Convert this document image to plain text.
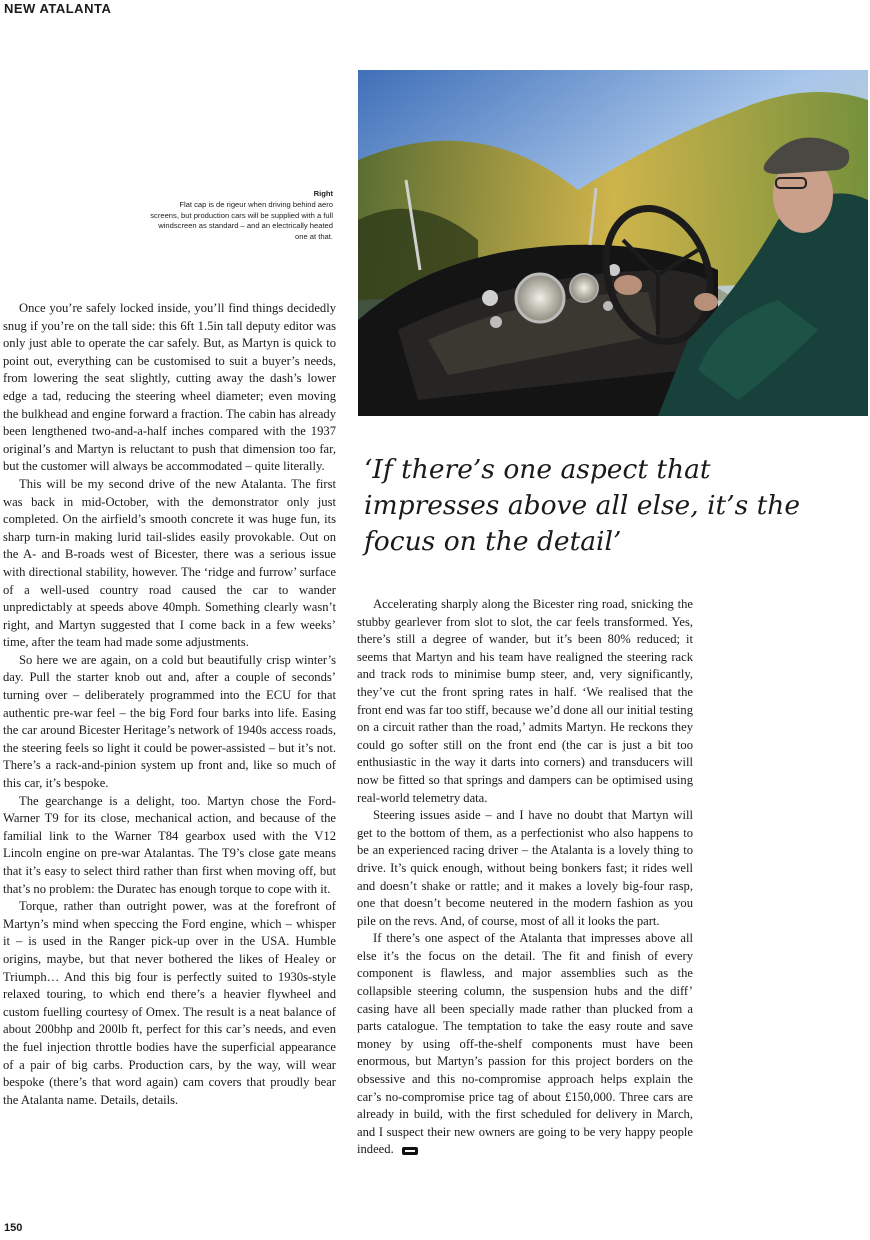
NEW ATALANTA
Right
Flat cap is de rigeur when driving behind aero screens, but production cars will be supplied with a full windscreen as standard – and an electrically heated one at that.
‘If there’s one aspect that impresses above all else, it’s the focus on the detail’

Once you’re safely locked inside, you’ll find things decidedly snug if you’re on the tall side: this 6ft 1.5in tall deputy editor was only just able to operate the car safely. But, as Martyn is quick to point out, everything can be customised to suit a buyer’s needs, from lowering the seat slightly, cutting away the dash’s lower edge a tad, reducing the steering wheel diameter; even moving the bulkhead and engine forward a fraction. The cabin has already been lengthened two-and-a-half inches compared with the 1937 original’s and Martyn is reluctant to push that dimension too far, but the customer will always be accommodated – quite literally.

This will be my second drive of the new Atalanta. The first was back in mid-October, with the demonstrator only just completed. On the airfield’s smooth concrete it was huge fun, its sharp turn-in making lurid tail-slides easily provokable. Out on the A- and B-roads west of Bicester, there was a serious issue with directional stability, however. The ‘ridge and furrow’ surface of a well-used country road caused the car to wander unpredictably at speeds above 40mph. Something clearly wasn’t right, and Martyn suggested that I come back in a few weeks’ time, after the team had made some adjustments.

So here we are again, on a cold but beautifully crisp winter’s day. Pull the starter knob out and, after a couple of seconds’ turning over – deliberately programmed into the ECU for that authentic pre-war feel – the big Ford four barks into life. Easing the car around Bicester Heritage’s network of 1940s access roads, the steering feels so light it could be power-assisted – but it’s not. There’s a rack-and-pinion system up front and, like so much of this car, it’s bespoke.

The gearchange is a delight, too. Martyn chose the Ford-Warner T9 for its close, mechanical action, and because of the familial link to the Warner T84 gearbox used with the V12 Lincoln engine on pre-war Atalantas. The T9’s close gate means that it’s easy to select third rather than first when moving off, but that’s no problem: the Duratec has enough torque to cope with it.

Torque, rather than outright power, was at the forefront of Martyn’s mind when speccing the Ford engine, which – whisper it – is used in the Ranger pick-up over in the USA. Humble origins, maybe, but that never bothered the likes of Healey or Triumph… And this big four is perfectly suited to 1930s-style relaxed touring, to which end there’s a heavier flywheel and custom fuelling courtesy of Omex. The result is a neat balance of about 200bhp and 200lb ft, perfect for this car’s needs, and even the fuel injection throttle bodies have the superficial appearance of a pair of big carbs. Production cars, by the way, will wear bespoke (there’s that word again) cam covers that proudly bear the Atalanta name. Details, details.

Accelerating sharply along the Bicester ring road, snicking the stubby gearlever from slot to slot, the car feels transformed. Yes, there’s still a degree of wander, but it’s been 80% reduced; it seems that Martyn and his team have realigned the steering rack and track rods to minimise bump steer, and, very significantly, they’ve cut the front spring rates in half. ‘We realised that the front end was far too stiff, because we’d done all our initial testing on a circuit rather than the road,’ admits Martyn. He reckons they could go softer still on the front end (the car is just a bit too enthusiastic in the way it darts into corners) and transducers will now be fitted so that springs and dampers can be optimised using real-world telemetry data.

Steering issues aside – and I have no doubt that Martyn will get to the bottom of them, as a perfectionist who also happens to be an experienced racing driver – the Atalanta is a lovely thing to drive. It’s quick enough, without being bonkers fast; it rides well and doesn’t shake or rattle; and it makes a lovely big-four rasp, one that doesn’t become neutered in the modern fashion as you pile on the revs. And, of course, most of all it looks the part.

If there’s one aspect of the Atalanta that impresses above all else it’s the focus on the detail. The fit and finish of every component is flawless, and major assemblies such as the collapsible steering column, the suspension hubs and the diff’ casing have all been specially made rather than plucked from a parts catalogue. The temptation to take the easy route and save money by using off-the-shelf components must have been enormous, but Martyn’s passion for this project borders on the obsessive and this no-compromise approach helps explain the car’s no-compromise price tag of about £150,000. Three cars are already in build, with the first scheduled for delivery in March, and I suspect their new owners are going to be very happy people indeed.

150
